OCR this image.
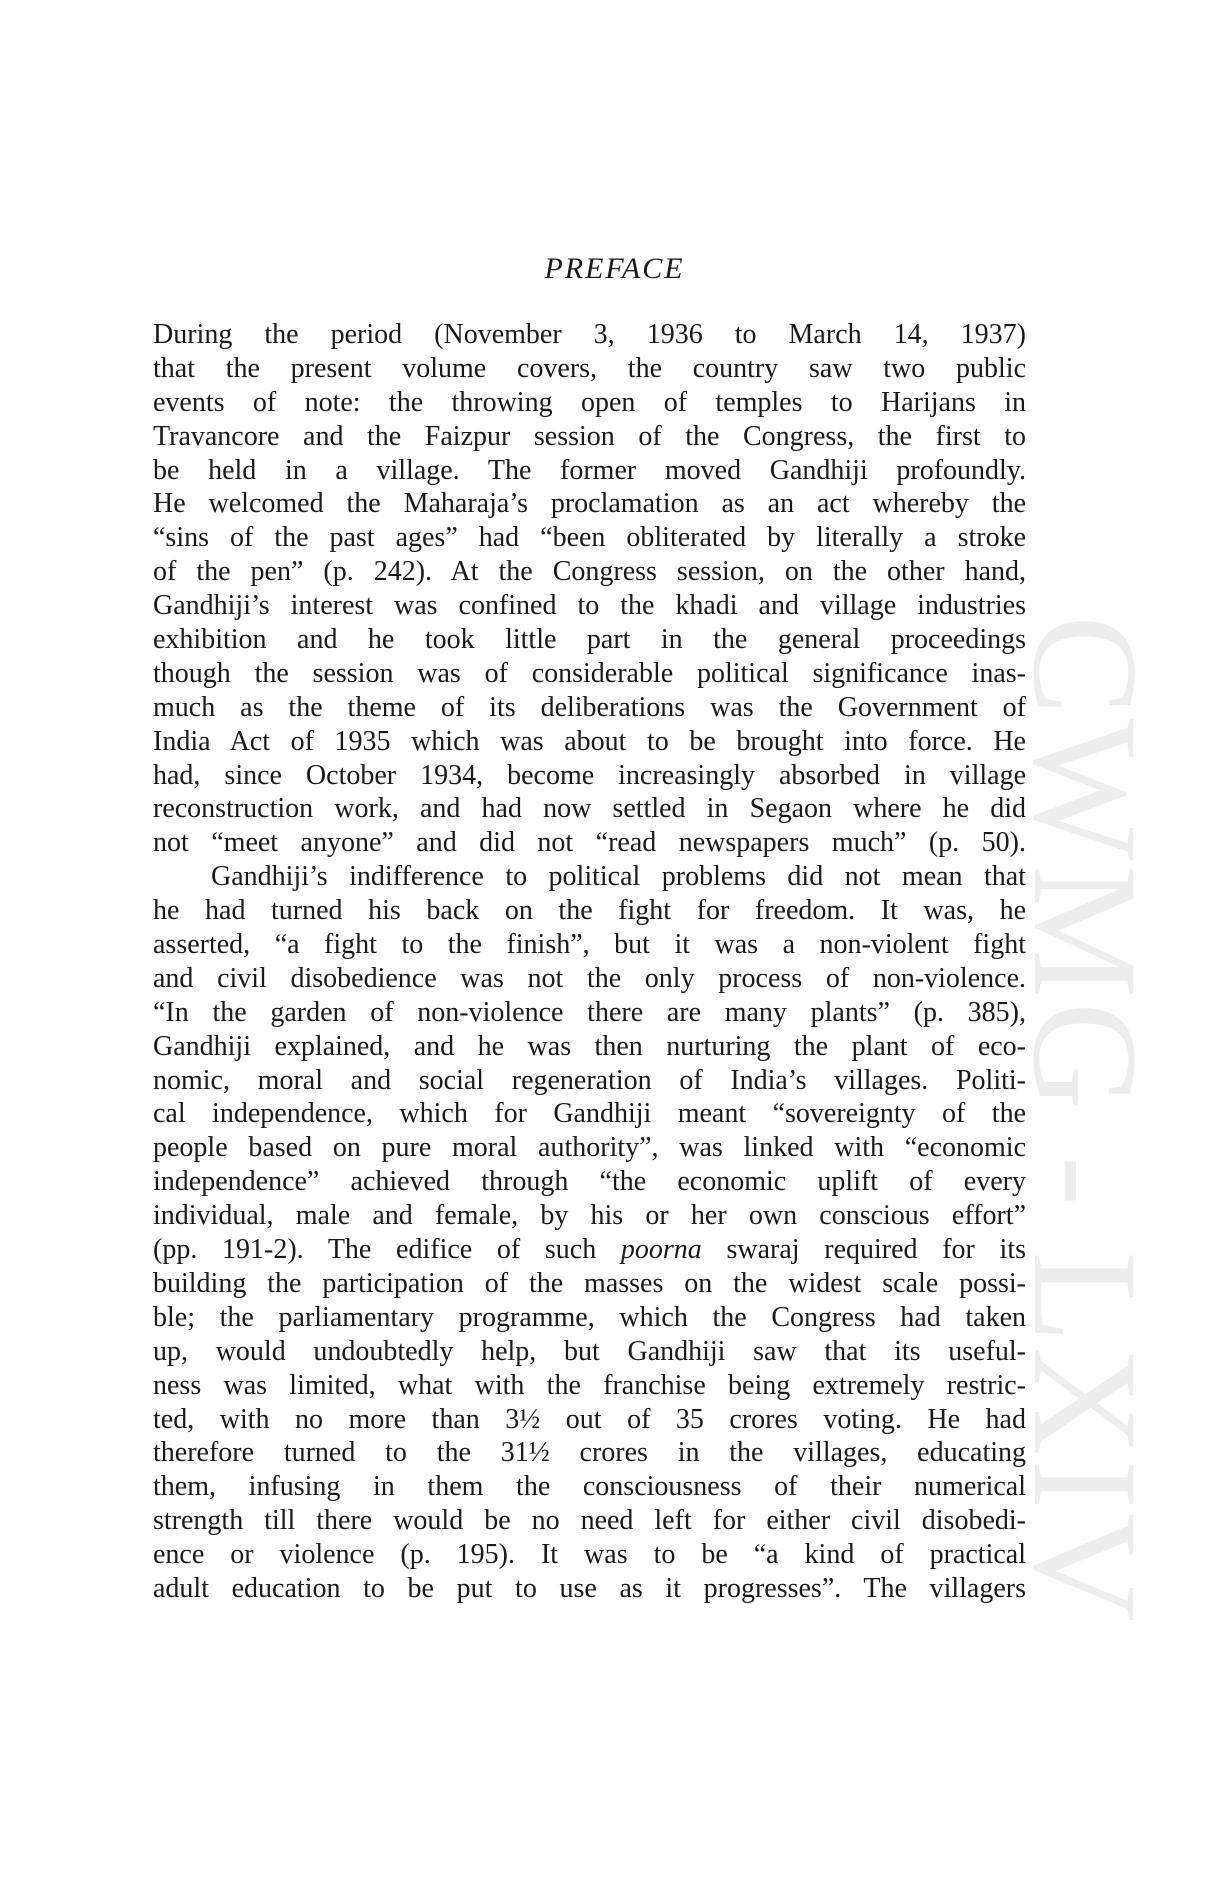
CWMG - LXIV
PREFACE
During the period (November 3, 1936 to March 14, 1937)
that the present volume covers, the country saw two public
events of note: the throwing open of temples to Harijans in
Travancore and the Faizpur session of the Congress, the first to
be held in a village. The former moved Gandhiji profoundly.
He welcomed the Maharaja’s proclamation as an act whereby the
“sins of the past ages” had “been obliterated by literally a stroke
of the pen” (p. 242). At the Congress session, on the other hand,
Gandhiji’s interest was confined to the khadi and village industries
exhibition and he took little part in the general proceedings
though the session was of considerable political significance inas-
much as the theme of its deliberations was the Government of
India Act of 1935 which was about to be brought into force. He
had, since October 1934, become increasingly absorbed in village
reconstruction work, and had now settled in Segaon where he did
not “meet anyone” and did not “read newspapers much” (p. 50).
Gandhiji’s indifference to political problems did not mean that
he had turned his back on the fight for freedom. It was, he
asserted, “a fight to the finish”, but it was a non-violent fight
and civil disobedience was not the only process of non-violence.
“In the garden of non-violence there are many plants” (p. 385),
Gandhiji explained, and he was then nurturing the plant of eco-
nomic, moral and social regeneration of India’s villages. Politi-
cal independence, which for Gandhiji meant “sovereignty of the
people based on pure moral authority”, was linked with “economic
independence” achieved through “the economic uplift of every
individual, male and female, by his or her own conscious effort”
(pp. 191-2). The edifice of such poorna swaraj required for its
building the participation of the masses on the widest scale possi-
ble; the parliamentary programme, which the Congress had taken
up, would undoubtedly help, but Gandhiji saw that its useful-
ness was limited, what with the franchise being extremely restric-
ted, with no more than 3½ out of 35 crores voting. He had
therefore turned to the 31½ crores in the villages, educating
them, infusing in them the consciousness of their numerical
strength till there would be no need left for either civil disobedi-
ence or violence (p. 195). It was to be “a kind of practical
adult education to be put to use as it progresses”. The villagers
